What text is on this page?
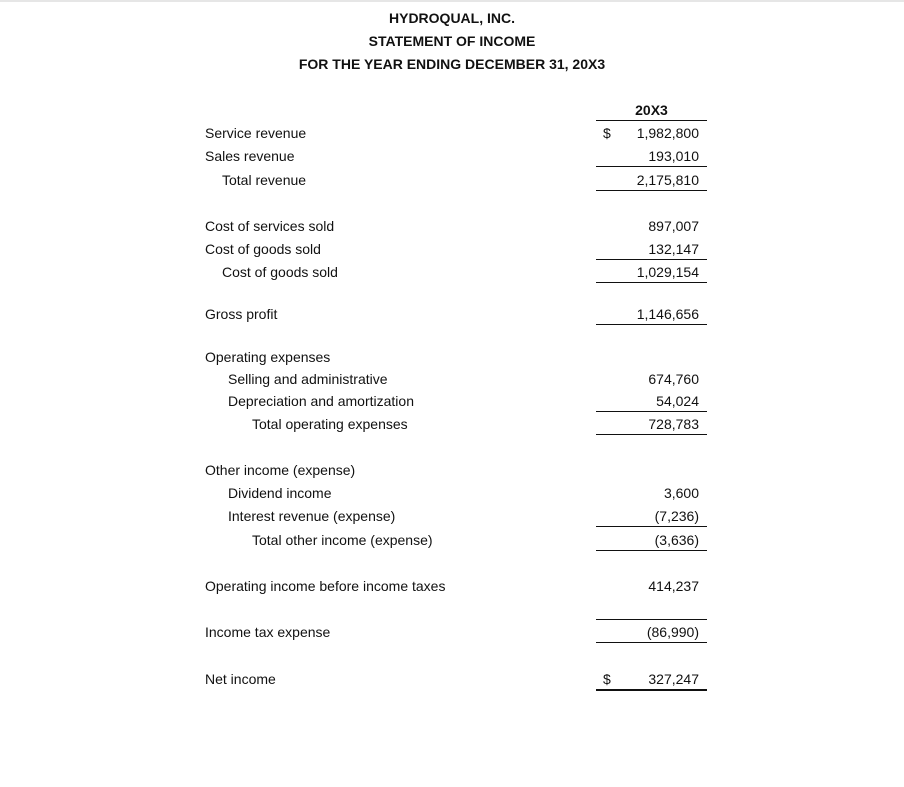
HYDROQUAL, INC.
STATEMENT OF INCOME
FOR THE YEAR ENDING DECEMBER 31, 20X3
20X3
Service revenue	$ 1,982,800
Sales revenue	193,010
Total revenue	2,175,810
Cost of services sold	897,007
Cost of goods sold	132,147
Cost of goods sold	1,029,154
Gross profit	1,146,656
Operating expenses
Selling and administrative	674,760
Depreciation and amortization	54,024
Total operating expenses	728,783
Other income (expense)
Dividend income	3,600
Interest revenue (expense)	(7,236)
Total other income (expense)	(3,636)
Operating income before income taxes	414,237
Income tax expense	(86,990)
Net income	$	327,247
